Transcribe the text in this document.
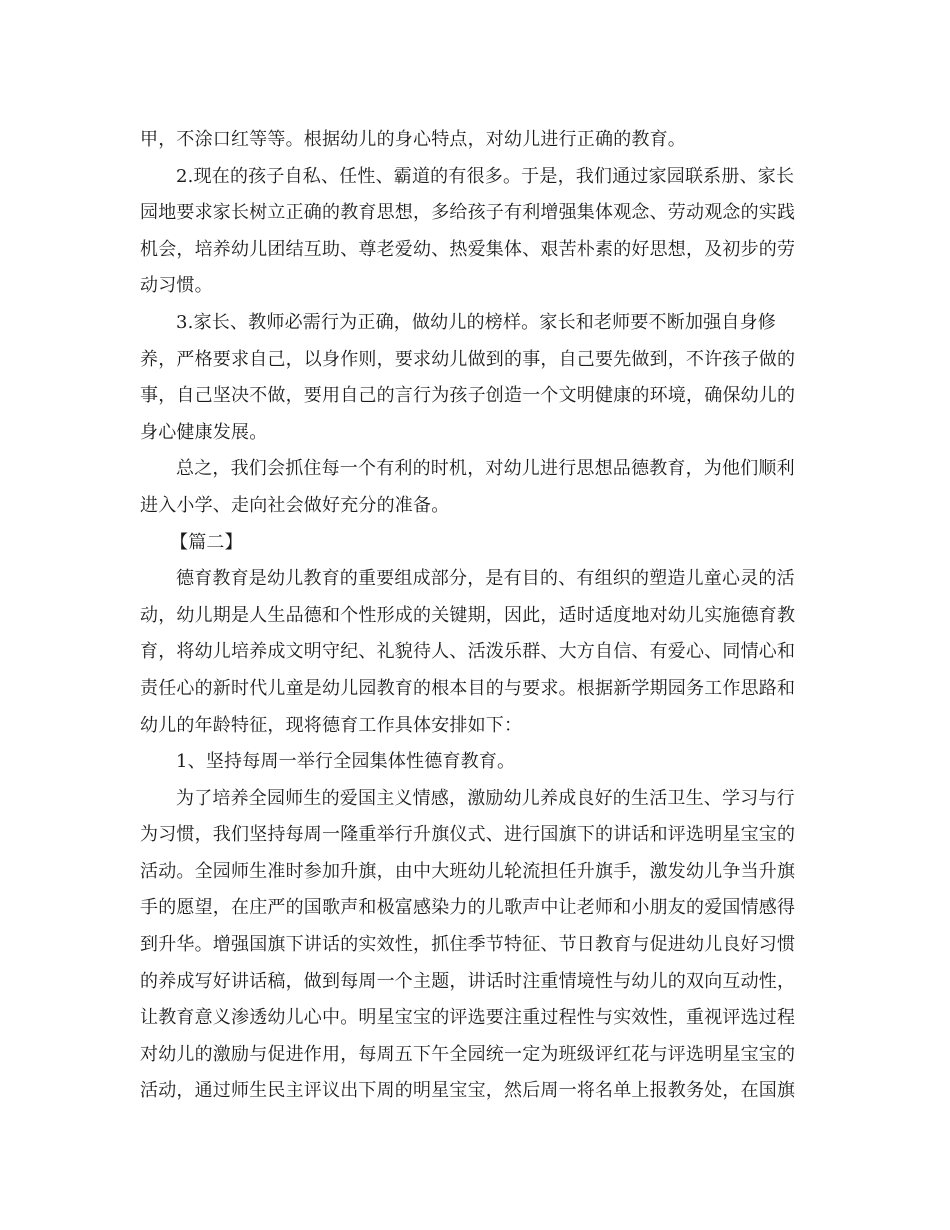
甲，不涂口红等等。根据幼儿的身心特点，对幼儿进行正确的教育。
2.现在的孩子自私、任性、霸道的有很多。于是，我们通过家园联系册、家长
园地要求家长树立正确的教育思想，多给孩子有利增强集体观念、劳动观念的实践
机会，培养幼儿团结互助、尊老爱幼、热爱集体、艰苦朴素的好思想，及初步的劳
动习惯。
3.家长、教师必需行为正确，做幼儿的榜样。家长和老师要不断加强自身修
养，严格要求自己，以身作则，要求幼儿做到的事，自己要先做到，不许孩子做的
事，自己坚决不做，要用自己的言行为孩子创造一个文明健康的环境，确保幼儿的
身心健康发展。
总之，我们会抓住每一个有利的时机，对幼儿进行思想品德教育，为他们顺利
进入小学、走向社会做好充分的准备。
【篇二】
德育教育是幼儿教育的重要组成部分，是有目的、有组织的塑造儿童心灵的活
动，幼儿期是人生品德和个性形成的关键期，因此，适时适度地对幼儿实施德育教
育，将幼儿培养成文明守纪、礼貌待人、活泼乐群、大方自信、有爱心、同情心和
责任心的新时代儿童是幼儿园教育的根本目的与要求。根据新学期园务工作思路和
幼儿的年龄特征，现将德育工作具体安排如下：
1、坚持每周一举行全园集体性德育教育。
为了培养全园师生的爱国主义情感，激励幼儿养成良好的生活卫生、学习与行
为习惯，我们坚持每周一隆重举行升旗仪式、进行国旗下的讲话和评选明星宝宝的
活动。全园师生准时参加升旗，由中大班幼儿轮流担任升旗手，激发幼儿争当升旗
手的愿望，在庄严的国歌声和极富感染力的儿歌声中让老师和小朋友的爱国情感得
到升华。增强国旗下讲话的实效性，抓住季节特征、节日教育与促进幼儿良好习惯
的养成写好讲话稿，做到每周一个主题，讲话时注重情境性与幼儿的双向互动性，
让教育意义渗透幼儿心中。明星宝宝的评选要注重过程性与实效性，重视评选过程
对幼儿的激励与促进作用，每周五下午全园统一定为班级评红花与评选明星宝宝的
活动，通过师生民主评议出下周的明星宝宝，然后周一将名单上报教务处，在国旗
